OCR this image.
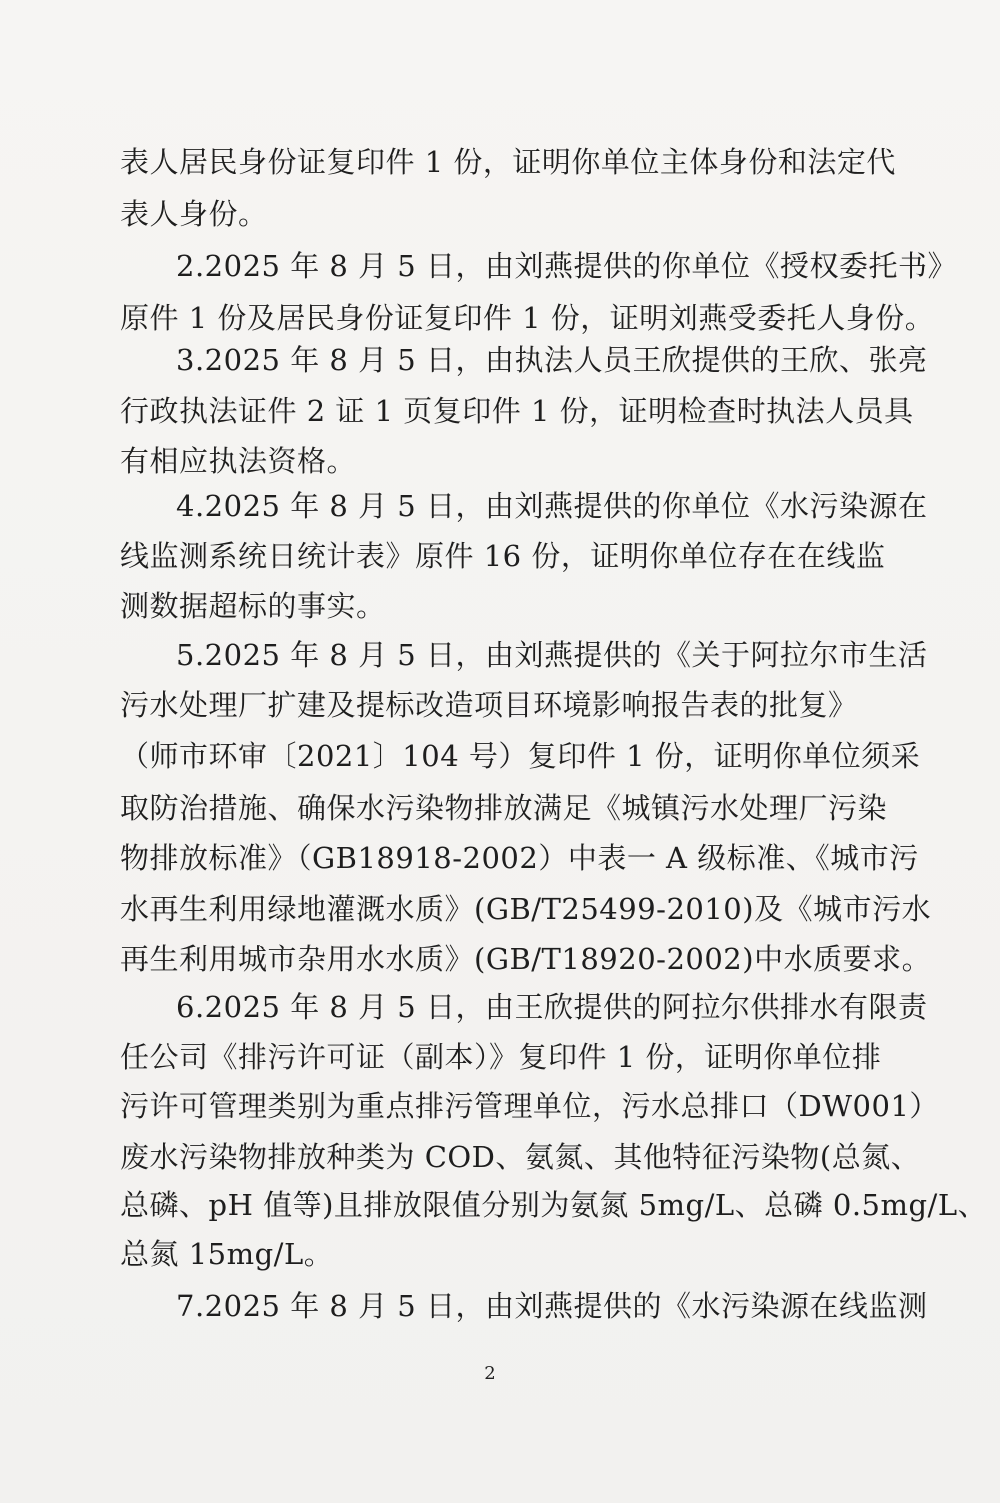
表人居民身份证复印件 1 份，证明你单位主体身份和法定代
表人身份。
2.2025 年 8 月 5 日，由刘燕提供的你单位《授权委托书》
原件 1 份及居民身份证复印件 1 份，证明刘燕受委托人身份。
3.2025 年 8 月 5 日，由执法人员王欣提供的王欣、张亮
行政执法证件 2 证 1 页复印件 1 份，证明检查时执法人员具
有相应执法资格。
4.2025 年 8 月 5 日，由刘燕提供的你单位《水污染源在
线监测系统日统计表》原件 16 份，证明你单位存在在线监
测数据超标的事实。
5.2025 年 8 月 5 日，由刘燕提供的《关于阿拉尔市生活
污水处理厂扩建及提标改造项目环境影响报告表的批复》
（师市环审〔2021〕104 号）复印件 1 份，证明你单位须采
取防治措施、确保水污染物排放满足《城镇污水处理厂污染
物排放标准》（GB18918-2002）中表一 A 级标准、《城市污
水再生利用绿地灌溉水质》(GB/T25499-2010)及《城市污水
再生利用城市杂用水水质》(GB/T18920-2002)中水质要求。
6.2025 年 8 月 5 日，由王欣提供的阿拉尔供排水有限责
任公司《排污许可证（副本）》复印件 1 份，证明你单位排
污许可管理类别为重点排污管理单位，污水总排口（DW001）
废水污染物排放种类为 COD、氨氮、其他特征污染物(总氮、
总磷、pH 值等)且排放限值分别为氨氮 5mg/L、总磷 0.5mg/L、
总氮 15mg/L。
7.2025 年 8 月 5 日，由刘燕提供的《水污染源在线监测
2
